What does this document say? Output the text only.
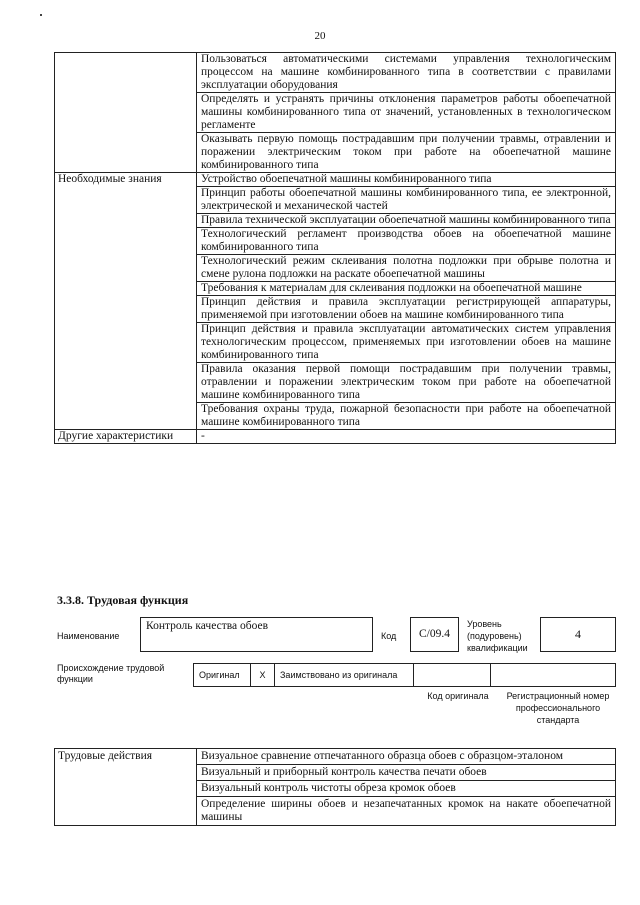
20
	Пользоваться автоматическими системами управления технологическим процессом на машине комбинированного типа в соответствии с правилами эксплуатации оборудования
	Определять и устранять причины отклонения параметров работы обоепечатной машины комбинированного типа от значений, установленных в технологическом регламенте
	Оказывать первую помощь пострадавшим при получении травмы, отравлении и поражении электрическим током при работе на обоепечатной машине комбинированного типа
Необходимые знания	Устройство обоепечатной машины комбинированного типа
	Принцип работы обоепечатной машины комбинированного типа, ее электронной, электрической и механической частей
	Правила технической эксплуатации обоепечатной машины комбинированного типа
	Технологический регламент производства обоев на обоепечатной машине комбинированного типа
	Технологический режим склеивания полотна подложки при обрыве полотна и смене рулона подложки на раскате обоепечатной машины
	Требования к материалам для склеивания подложки на обоепечатной машине
	Принцип действия и правила эксплуатации регистрирующей аппаратуры, применяемой при изготовлении обоев на машине комбинированного типа
	Принцип действия и правила эксплуатации автоматических систем управления технологическим процессом, применяемых при изготовлении обоев на машине комбинированного типа
	Правила оказания первой помощи пострадавшим при получении травмы, отравлении и поражении электрическим током при работе на обоепечатной машине комбинированного типа
	Требования охраны труда, пожарной безопасности при работе на обоепечатной машине комбинированного типа
Другие характеристики	-
3.3.8. Трудовая функция
Наименование
Контроль качества обоев
Код	C/09.4
Уровень (подуровень) квалификации
4
Происхождение трудовой функции	Оригинал	X	Заимствовано из оригинала		
Код оригинала	Регистрационный номер профессионального стандарта
Трудовые действия	Визуальное сравнение отпечатанного образца обоев с образцом-эталоном
Визуальный и приборный контроль качества печати обоев
Визуальный контроль чистоты обреза кромок обоев
Определение ширины обоев и незапечатанных кромок на накате обоепечатной машины
